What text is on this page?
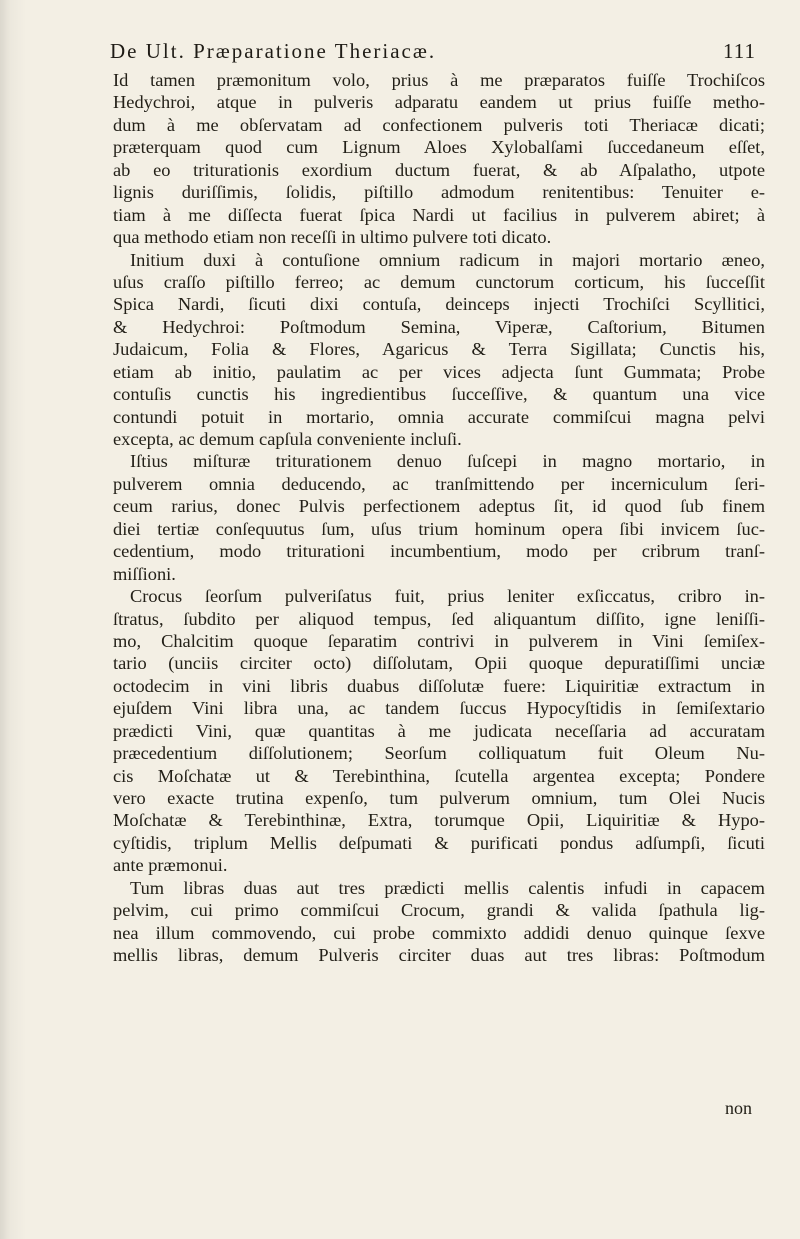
De Ult. Præparatione Theriacæ.	111
Id tamen præmonitum volo, prius à me præparatos fuiſſe Trochiſcos
Hedychroi, atque in pulveris adparatu eandem ut prius fuiſſe metho-
dum à me obſervatam ad confectionem pulveris toti Theriacæ dicati;
præterquam quod cum Lignum Aloes Xylobalſami ſuccedaneum eſſet,
ab eo triturationis exordium ductum fuerat, & ab Aſpalatho, utpote
lignis duriſſimis, ſolidis, piſtillo admodum renitentibus: Tenuiter e-
tiam à me diſſecta fuerat ſpica Nardi ut facilius in pulverem abiret; à
qua methodo etiam non receſſi in ultimo pulvere toti dicato.
Initium duxi à contuſione omnium radicum in majori mortario æneo,
uſus craſſo piſtillo ferreo; ac demum cunctorum corticum, his ſucceſſit
Spica Nardi, ſicuti dixi contuſa, deinceps injecti Trochiſci Scyllitici,
& Hedychroi: Poſtmodum Semina, Viperæ, Caſtorium, Bitumen
Judaicum, Folia & Flores, Agaricus & Terra Sigillata; Cunctis his,
etiam ab initio, paulatim ac per vices adjecta ſunt Gummata; Probe
contuſis cunctis his ingredientibus ſucceſſive, & quantum una vice
contundi potuit in mortario, omnia accurate commiſcui magna pelvi
excepta, ac demum capſula conveniente incluſi.
Iſtius miſturæ triturationem denuo ſuſcepi in magno mortario, in
pulverem omnia deducendo, ac tranſmittendo per incerniculum ſeri-
ceum rarius, donec Pulvis perfectionem adeptus ſit, id quod ſub finem
diei tertiæ conſequutus ſum, uſus trium hominum opera ſibi invicem ſuc-
cedentium, modo triturationi incumbentium, modo per cribrum tranſ-
miſſioni.
Crocus ſeorſum pulveriſatus fuit, prius leniter exſiccatus, cribro in-
ſtratus, ſubdito per aliquod tempus, ſed aliquantum diſſito, igne leniſſi-
mo, Chalcitim quoque ſeparatim contrivi in pulverem in Vini ſemiſex-
tario (unciis circiter octo) diſſolutam, Opii quoque depuratiſſimi unciæ
octodecim in vini libris duabus diſſolutæ fuere: Liquiritiæ extractum in
ejuſdem Vini libra una, ac tandem ſuccus Hypocyſtidis in ſemiſextario
prædicti Vini, quæ quantitas à me judicata neceſſaria ad accuratam
præcedentium diſſolutionem; Seorſum colliquatum fuit Oleum Nu-
cis Moſchatæ ut & Terebinthina, ſcutella argentea excepta; Pondere
vero exacte trutina expenſo, tum pulverum omnium, tum Olei Nucis
Moſchatæ & Terebinthinæ, Extra, torumque Opii, Liquiritiæ & Hypo-
cyſtidis, triplum Mellis deſpumati & purificati pondus adſumpſi, ſicuti
ante præmonui.
Tum libras duas aut tres prædicti mellis calentis infudi in capacem
pelvim, cui primo commiſcui Crocum, grandi & valida ſpathula lig-
nea illum commovendo, cui probe commixto addidi denuo quinque ſexve
mellis libras, demum Pulveris circiter duas aut tres libras: Poſtmodum
non
